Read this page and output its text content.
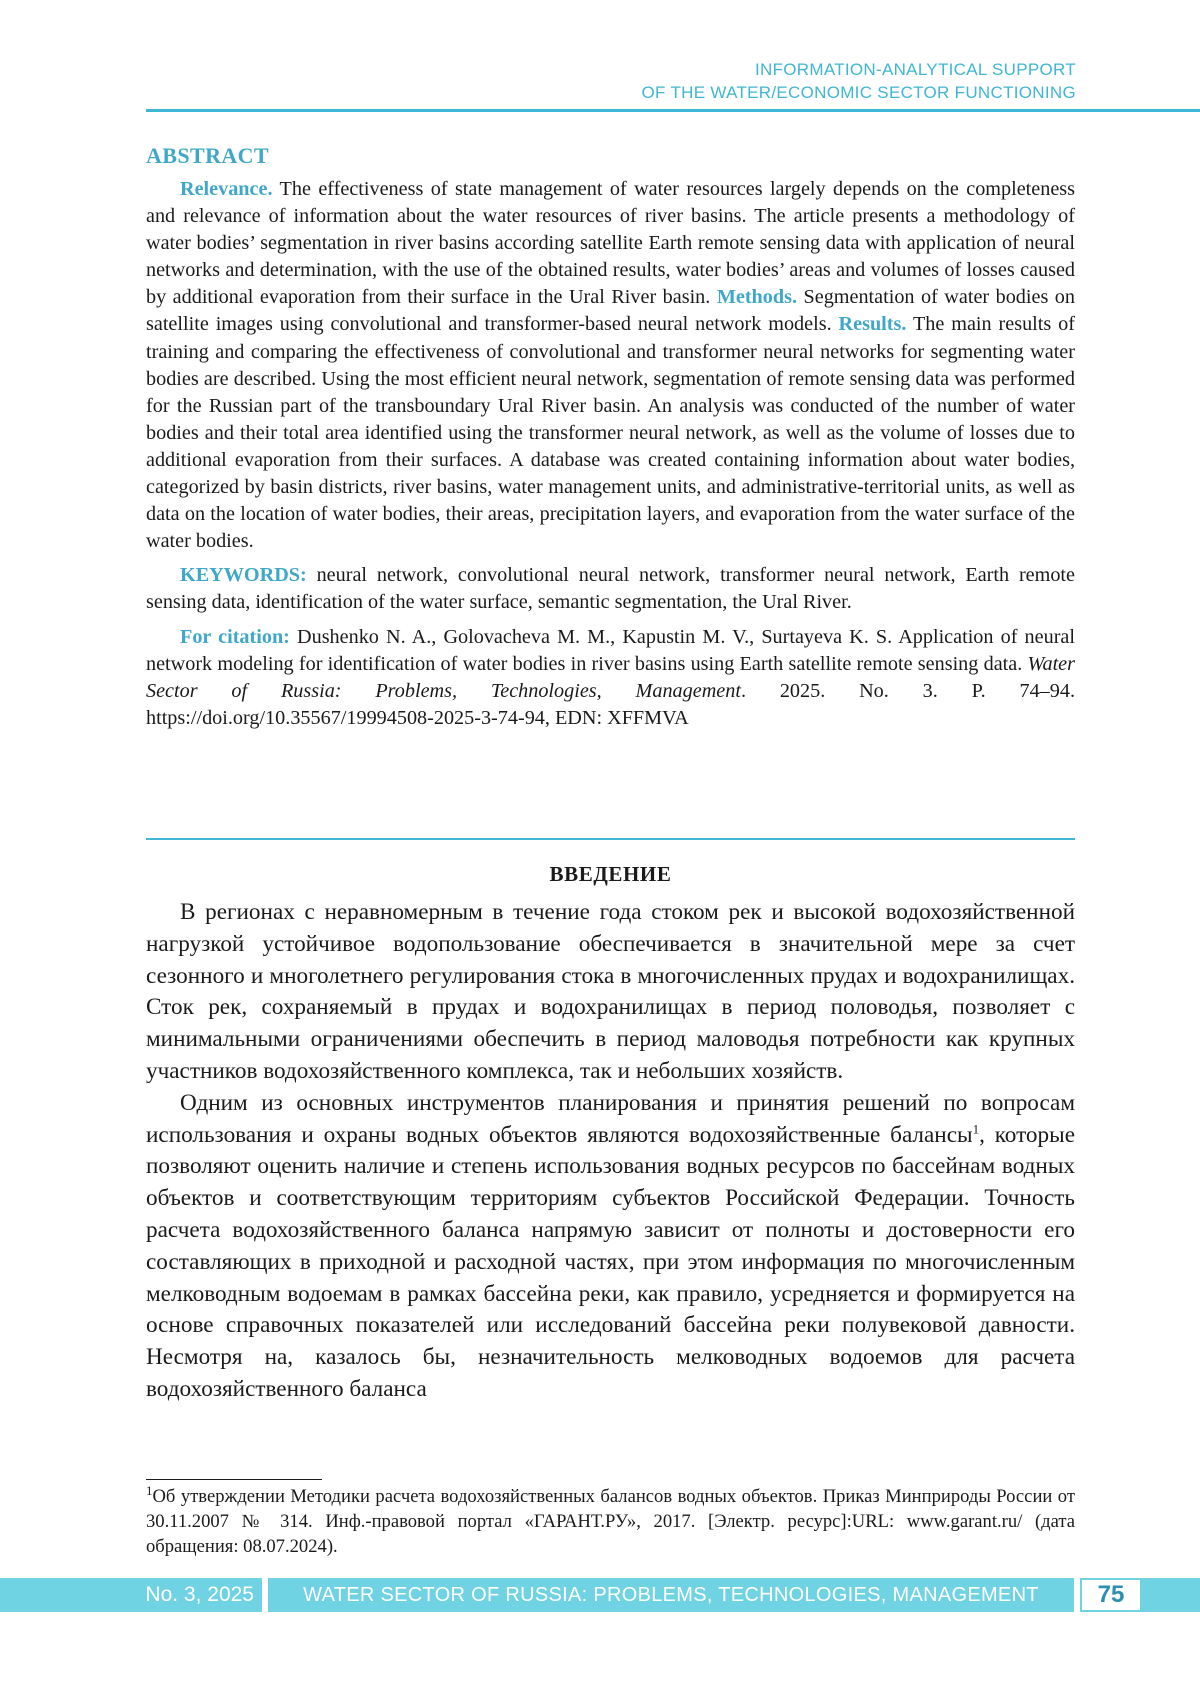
INFORMATION-ANALYTICAL SUPPORT
OF THE WATER/ECONOMIC SECTOR FUNCTIONING
ABSTRACT

Relevance. The effectiveness of state management of water resources largely depends on the completeness and relevance of information about the water resources of river basins. The article presents a methodology of water bodies’ segmentation in river basins according satellite Earth remote sensing data with application of neural networks and determination, with the use of the obtained results, water bodies’ areas and volumes of losses caused by additional evaporation from their surface in the Ural River basin. Methods. Segmentation of water bodies on satellite images using convolutional and transformer-based neural network models. Results. The main results of training and comparing the effectiveness of convolutional and transformer neural networks for segmenting water bodies are described. Using the most efficient neural network, segmentation of remote sensing data was performed for the Russian part of the transboundary Ural River basin. An analysis was conducted of the number of water bodies and their total area identified using the transformer neural network, as well as the volume of losses due to additional evaporation from their surfaces. A database was created containing information about water bodies, categorized by basin districts, river basins, water management units, and administrative-territorial units, as well as data on the location of water bodies, their areas, precipitation layers, and evaporation from the water surface of the water bodies.

KEYWORDS: neural network, convolutional neural network, transformer neural network, Earth remote sensing data, identification of the water surface, semantic segmentation, the Ural River.

For citation: Dushenko N. A., Golovacheva M. M., Kapustin M. V., Surtayeva K. S. Application of neural network modeling for identification of water bodies in river basins using Earth satellite remote sensing data. Water Sector of Russia: Problems, Technologies, Management. 2025. No. 3. P. 74–94. https://doi.org/10.35567/19994508-2025-3-74-94, EDN: XFFMVA

ВВЕДЕНИЕ

В регионах с неравномерным в течение года стоком рек и высокой водохозяйственной нагрузкой устойчивое водопользование обеспечивается в значительной мере за счет сезонного и многолетнего регулирования стока в многочисленных прудах и водохранилищах. Сток рек, сохраняемый в прудах и водохранилищах в период половодья, позволяет с минимальными ограничениями обеспечить в период маловодья потребности как крупных участников водохозяйственного комплекса, так и небольших хозяйств.

Одним из основных инструментов планирования и принятия решений по вопросам использования и охраны водных объектов являются водохозяйственные балансы$^1$, которые позволяют оценить наличие и степень использования водных ресурсов по бассейнам водных объектов и соответствующим территориям субъектов Российской Федерации. Точность расчета водохозяйственного баланса напрямую зависит от полноты и достоверности его составляющих в приходной и расходной частях, при этом информация по многочисленным мелководным водоемам в рамках бассейна реки, как правило, усредняется и формируется на основе справочных показателей или исследований бассейна реки полувековой давности. Несмотря на, казалось бы, незначительность мелководных водоемов для расчета водохозяйственного баланса

$^1$Об утверждении Методики расчета водохозяйственных балансов водных объектов. Приказ Минприроды России от 30.11.2007 № 314. Инф.-правовой портал «ГАРАНТ.РУ», 2017. [Электр. ресурс]:URL: www.garant.ru/ (дата обращения: 08.07.2024).
No. 3, 2025	WATER SECTOR OF RUSSIA: PROBLEMS, TECHNOLOGIES, MANAGEMENT	75
